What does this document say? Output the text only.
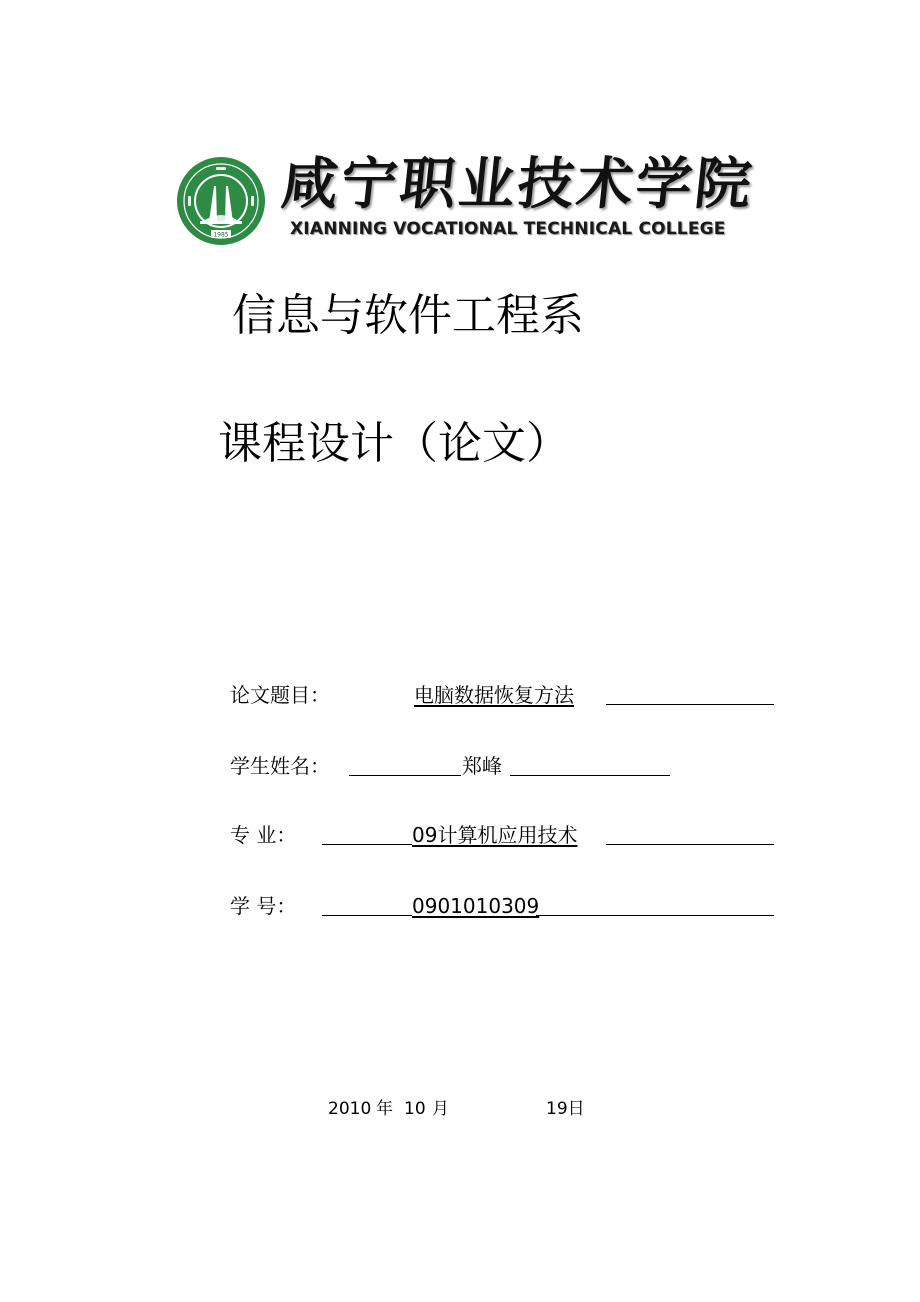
1985
咸宁职业技术学院
XIANNING VOCATIONAL TECHNICAL COLLEGE
信息与软件工程系
课程设计（论文）
论文题目：	电脑数据恢复方法
学生姓名：	郑峰
专 业：	09计算机应用技术
学 号：	0901010309
2010 年 10 月	19日
